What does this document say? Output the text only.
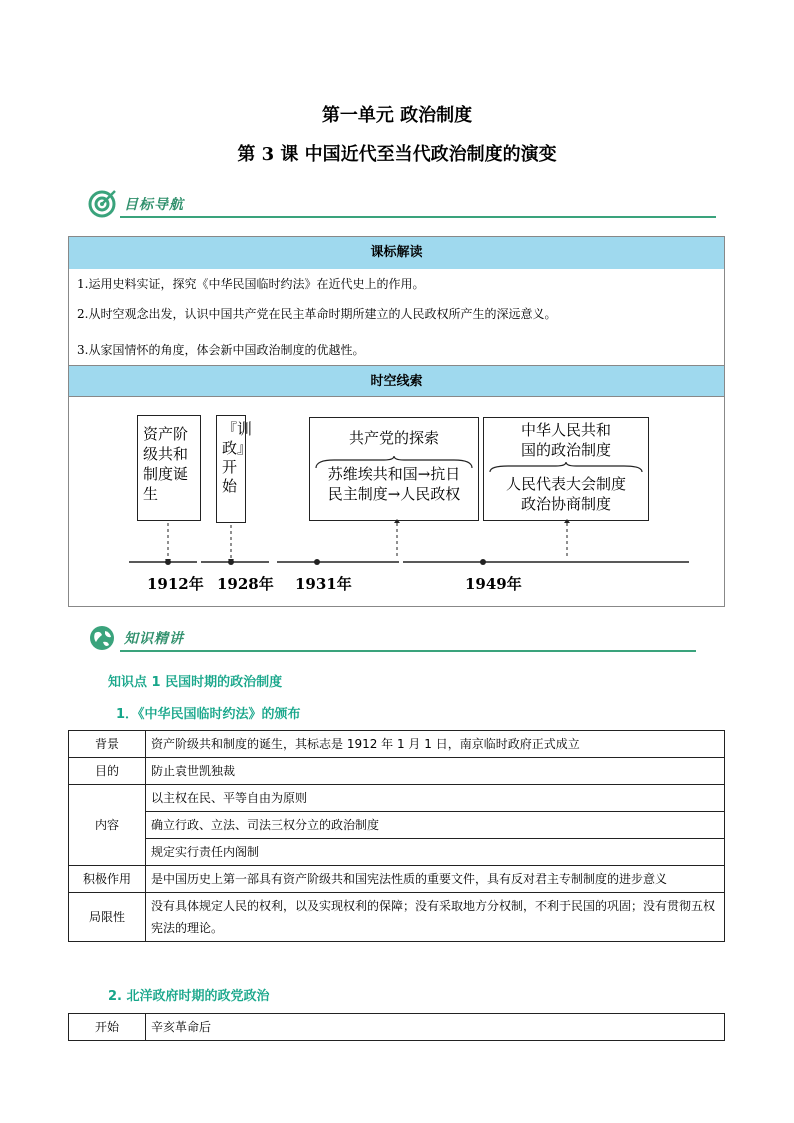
第一单元 政治制度
第 3 课 中国近代至当代政治制度的演变
目标导航
课标解读
1.运用史料实证，探究《中华民国临时约法》在近代史上的作用。
2.从时空观念出发，认识中国共产党在民主革命时期所建立的人民政权所产生的深远意义。
3.从家国情怀的角度，体会新中国政治制度的优越性。
时空线索
资产阶级共和制度诞生
『训政』开始
共产党的探索
苏维埃共和国→抗日
民主制度→人民政权
中华人民共和
国的政治制度
人民代表大会制度
政治协商制度
1912年 1928年 1931年	1949年
知识精讲
知识点 1 民国时期的政治制度
1．《中华民国临时约法》的颁布
背景	资产阶级共和制度的诞生，其标志是 1912 年 1 月 1 日，南京临时政府正式成立
目的	防止袁世凯独裁
内容	以主权在民、平等自由为原则
	确立行政、立法、司法三权分立的政治制度
	规定实行责任内阁制
积极作用	是中国历史上第一部具有资产阶级共和国宪法性质的重要文件，具有反对君主专制制度的进步意义
局限性	没有具体规定人民的权利，以及实现权利的保障；没有采取地方分权制，不利于民国的巩固；没有贯彻五权宪法的理论。
2. 北洋政府时期的政党政治
开始	辛亥革命后
